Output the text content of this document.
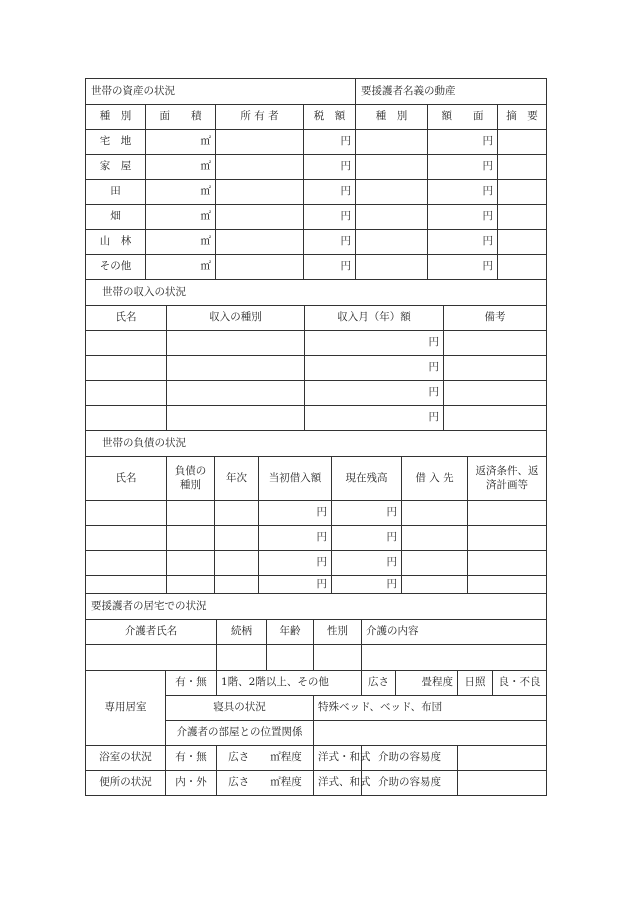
世帯の資産の状況				要援護者名義の動産		
種　別	面　　積	所 有 者	税　額	種　別	額　　面	摘　要
宅　地	㎡		円		円	
家　屋	㎡		円		円	
田	㎡		円		円	
畑	㎡		円		円	
山　林	㎡		円		円	
その他	㎡		円		円	
世帯の収入の状況			
氏名	収入の種別	収入月（年）額	備考
		円	
		円	
		円	
		円	
世帯の負債の状況						
氏名	負債の種別	年次	当初借入額	現在残高	借 入 先	返済条件、返済計画等
			円	円		
			円	円		
			円	円		
			円	円		
要援護者の居宅での状況								
介護者氏名		続柄	年齢	性別	介護の内容			

専用居室	有・無	1階、2階以上、その他			広さ	畳程度	日照	良・不良
	寝具の状況			特殊ベッド、ベッド、布団				
	介護者の部屋との位置関係							
浴室の状況	有・無	広さ　　㎡程度		洋式・和式	介助の容易度			
便所の状況	内・外	広さ　　㎡程度		洋式、和式	介助の容易度			
